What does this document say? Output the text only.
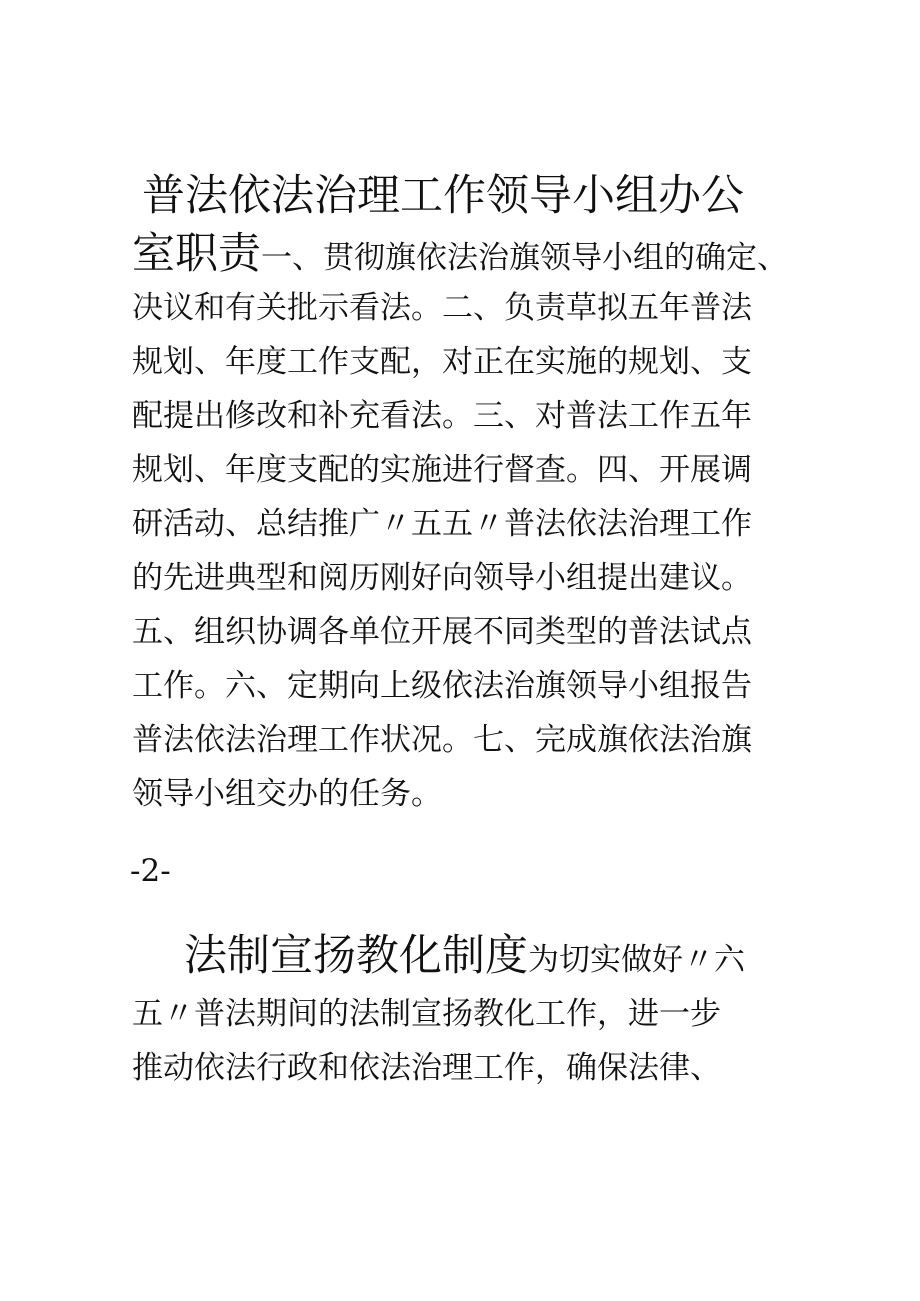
普法依法治理工作领导小组办公
室职责一、贯彻旗依法治旗领导小组的确定、
决议和有关批示看法。二、负责草拟五年普法
规划、年度工作支配，对正在实施的规划、支
配提出修改和补充看法。三、对普法工作五年
规划、年度支配的实施进行督查。四、开展调
研活动、总结推广〃五五〃普法依法治理工作
的先进典型和阅历刚好向领导小组提出建议。
五、组织协调各单位开展不同类型的普法试点
工作。六、定期向上级依法治旗领导小组报告
普法依法治理工作状况。七、完成旗依法治旗
领导小组交办的任务。
-2-
法制宣扬教化制度为切实做好〃六
五〃普法期间的法制宣扬教化工作，进一步
推动依法行政和依法治理工作，确保法律、
